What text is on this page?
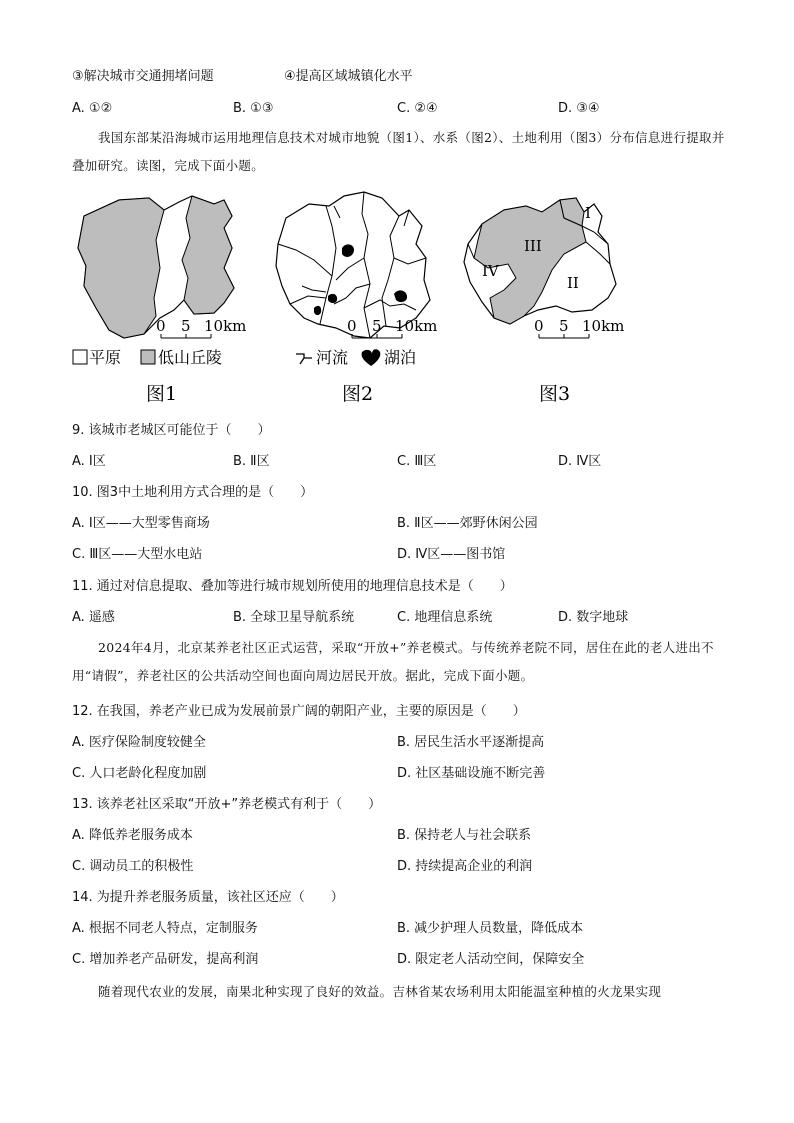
③解决城市交通拥堵问题	④提高区域城镇化水平
A. ①②	B. ①③	C. ②④	D. ③④
我国东部某沿海城市运用地理信息技术对城市地貌（图1）、水系（图2）、土地利用（图3）分布信息进行提取并叠加研究。读图，完成下面小题。
0 5 10km	0 5 10km
I
II
III
IV
0 5 10km
平原 低山丘陵	河流 湖泊
图1	图2	图3
9. 该城市老城区可能位于（　　）
A. Ⅰ区	B. Ⅱ区	C. Ⅲ区	D. Ⅳ区
10. 图3中土地利用方式合理的是（　　）
A. Ⅰ区——大型零售商场	B. Ⅱ区——郊野休闲公园
C. Ⅲ区——大型水电站	D. Ⅳ区——图书馆
11. 通过对信息提取、叠加等进行城市规划所使用的地理信息技术是（　　）
A. 遥感	B. 全球卫星导航系统	C. 地理信息系统	D. 数字地球
2024年4月，北京某养老社区正式运营，采取“开放+”养老模式。与传统养老院不同，居住在此的老人进出不用“请假”，养老社区的公共活动空间也面向周边居民开放。据此，完成下面小题。
12. 在我国，养老产业已成为发展前景广阔的朝阳产业，主要的原因是（　　）
A. 医疗保险制度较健全	B. 居民生活水平逐渐提高
C. 人口老龄化程度加剧	D. 社区基础设施不断完善
13. 该养老社区采取“开放+”养老模式有利于（　　）
A. 降低养老服务成本	B. 保持老人与社会联系
C. 调动员工的积极性	D. 持续提高企业的利润
14. 为提升养老服务质量，该社区还应（　　）
A. 根据不同老人特点，定制服务	B. 减少护理人员数量，降低成本
C. 增加养老产品研发，提高利润	D. 限定老人活动空间，保障安全
随着现代农业的发展，南果北种实现了良好的效益。吉林省某农场利用太阳能温室种植的火龙果实现
